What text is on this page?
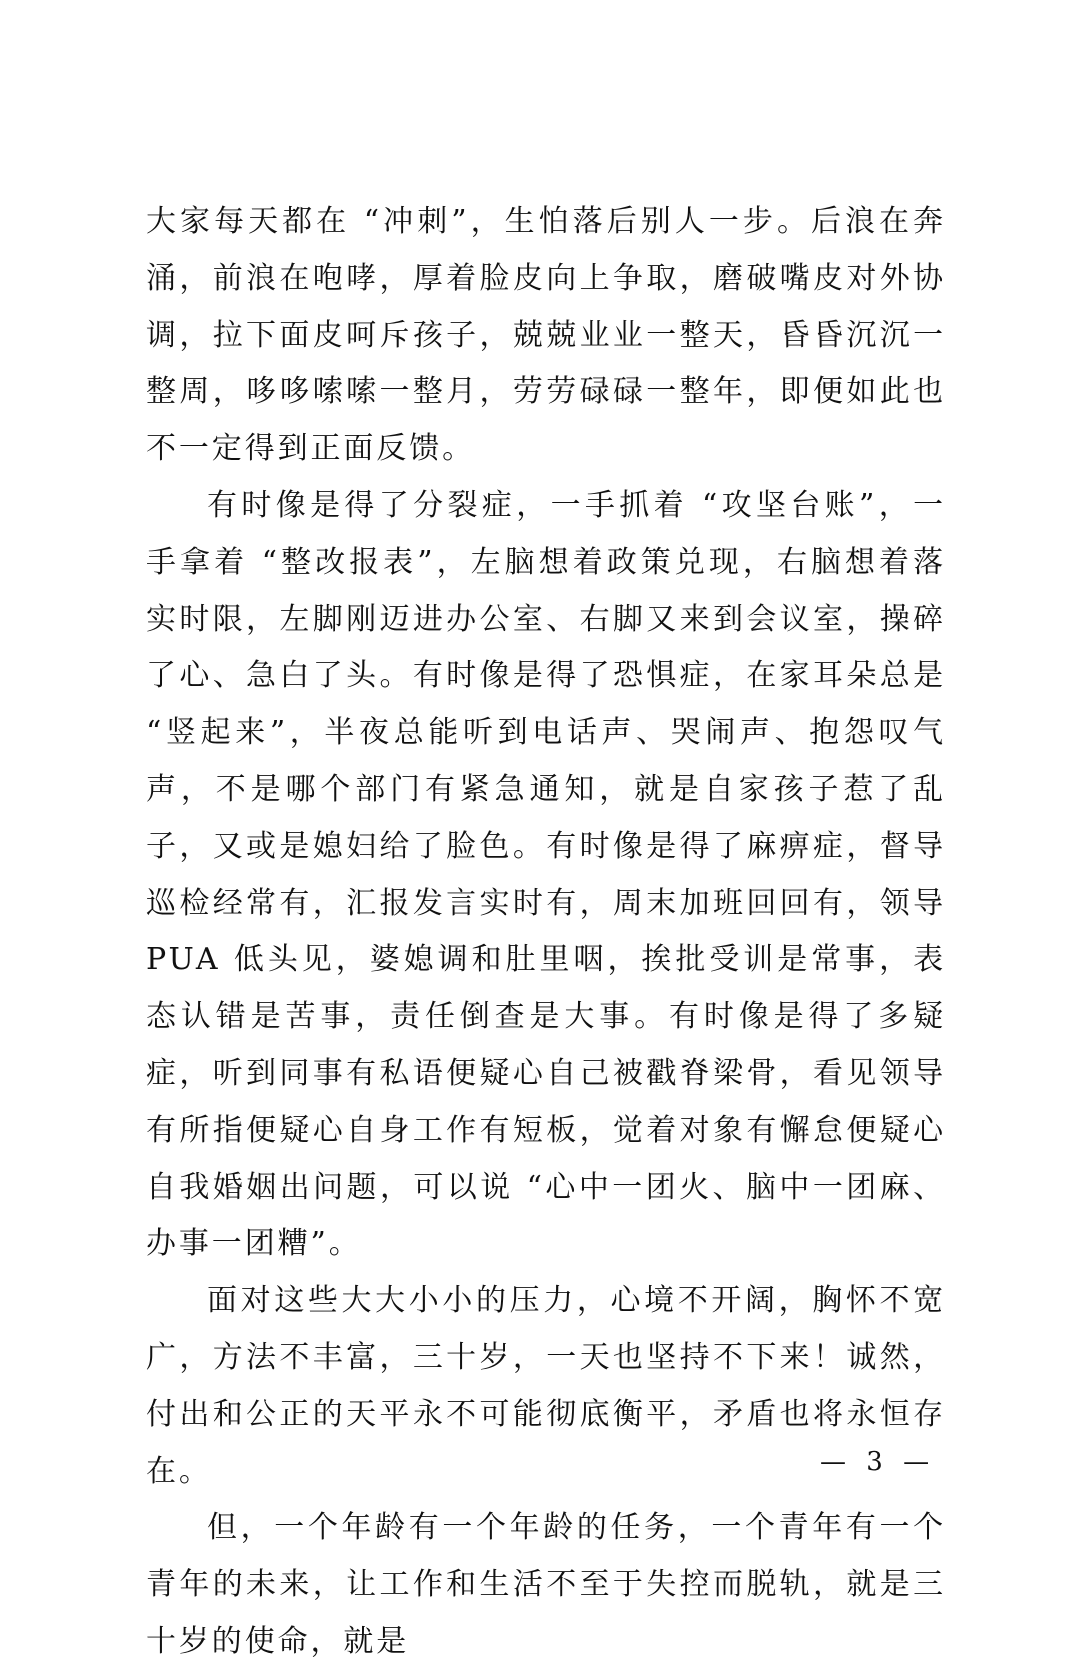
大家每天都在 “冲刺”，生怕落后别人一步。后浪在奔涌，前浪在咆哮，厚着脸皮向上争取，磨破嘴皮对外协调，拉下面皮呵斥孩子，兢兢业业一整天，昏昏沉沉一整周，哆哆嗦嗦一整月，劳劳碌碌一整年，即便如此也不一定得到正面反馈。

有时像是得了分裂症，一手抓着 “攻坚台账”，一手拿着 “整改报表”，左脑想着政策兑现，右脑想着落实时限，左脚刚迈进办公室、右脚又来到会议室，操碎了心、急白了头。有时像是得了恐惧症，在家耳朵总是 “竖起来”，半夜总能听到电话声、哭闹声、抱怨叹气声，不是哪个部门有紧急通知，就是自家孩子惹了乱子，又或是媳妇给了脸色。有时像是得了麻痹症，督导巡检经常有，汇报发言实时有，周末加班回回有，领导 PUA 低头见，婆媳调和肚里咽，挨批受训是常事，表态认错是苦事，责任倒查是大事。有时像是得了多疑症，听到同事有私语便疑心自己被戳脊梁骨，看见领导有所指便疑心自身工作有短板，觉着对象有懈怠便疑心自我婚姻出问题，可以说 “心中一团火、脑中一团麻、办事一团糟”。

面对这些大大小小的压力，心境不开阔，胸怀不宽广，方法不丰富，三十岁，一天也坚持不下来！诚然，付出和公正的天平永不可能彻底衡平，矛盾也将永恒存在。

但，一个年龄有一个年龄的任务，一个青年有一个青年的未来，让工作和生活不至于失控而脱轨，就是三十岁的使命，就是

— 3 —
